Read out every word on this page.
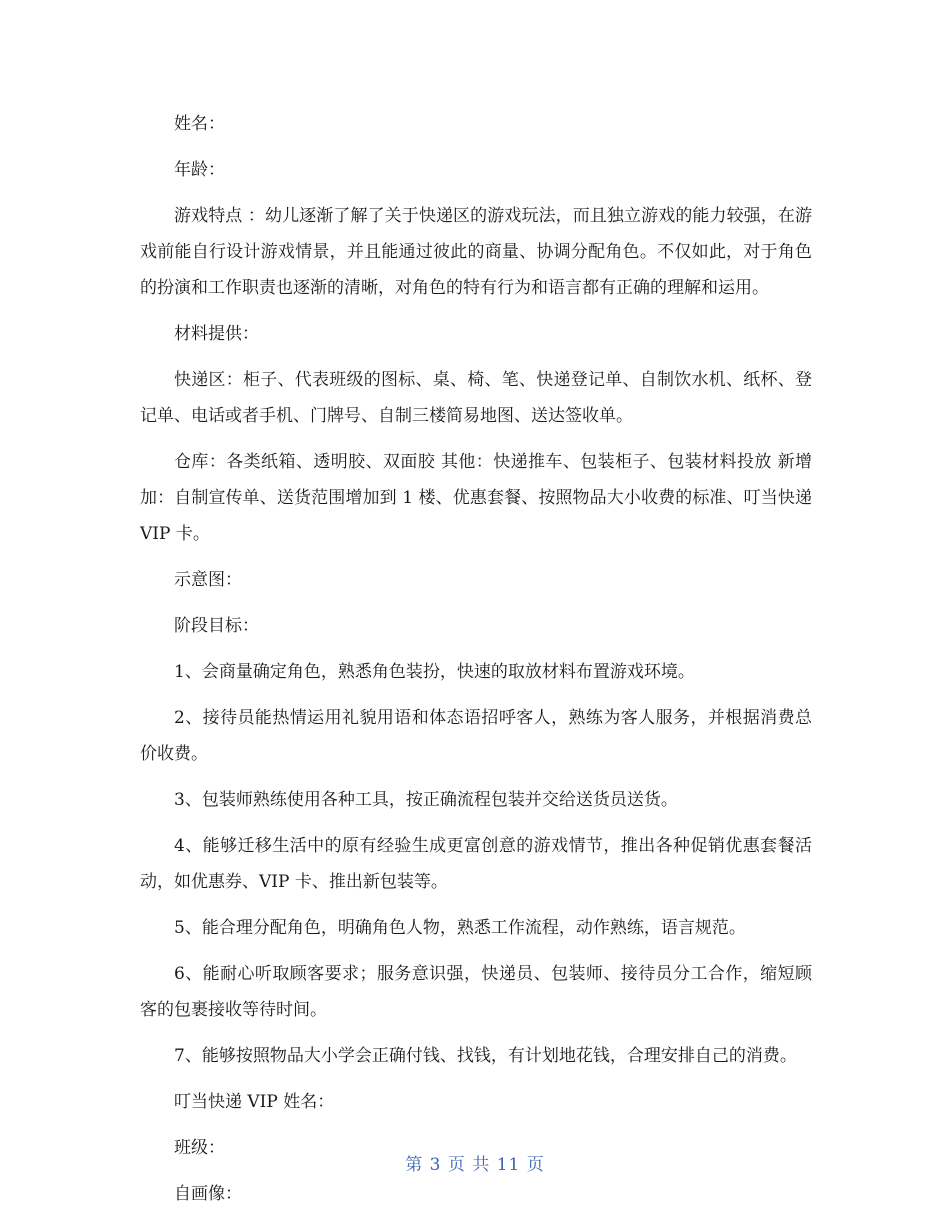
姓名：

年龄：

游戏特点 ：幼儿逐渐了解了关于快递区的游戏玩法，而且独立游戏的能力较强，在游戏前能自行设计游戏情景，并且能通过彼此的商量、协调分配角色。不仅如此，对于角色的扮演和工作职责也逐渐的清晰，对角色的特有行为和语言都有正确的理解和运用。

材料提供：

快递区：柜子、代表班级的图标、桌、椅、笔、快递登记单、自制饮水机、纸杯、登记单、电话或者手机、门牌号、自制三楼简易地图、送达签收单。

仓库：各类纸箱、透明胶、双面胶 其他：快递推车、包装柜子、包装材料投放 新增加：自制宣传单、送货范围增加到 1 楼、优惠套餐、按照物品大小收费的标准、叮当快递 VIP 卡。

示意图：

阶段目标：

1、会商量确定角色，熟悉角色装扮，快速的取放材料布置游戏环境。

2、接待员能热情运用礼貌用语和体态语招呼客人，熟练为客人服务，并根据消费总价收费。

3、包装师熟练使用各种工具，按正确流程包装并交给送货员送货。

4、能够迁移生活中的原有经验生成更富创意的游戏情节，推出各种促销优惠套餐活动，如优惠券、VIP 卡、推出新包装等。

5、能合理分配角色，明确角色人物，熟悉工作流程，动作熟练，语言规范。

6、能耐心听取顾客要求；服务意识强，快递员、包装师、接待员分工合作，缩短顾客的包裹接收等待时间。

7、能够按照物品大小学会正确付钱、找钱，有计划地花钱，合理安排自己的消费。

叮当快递 VIP 姓名：

班级：

自画像：

第 3 页 共 11 页
